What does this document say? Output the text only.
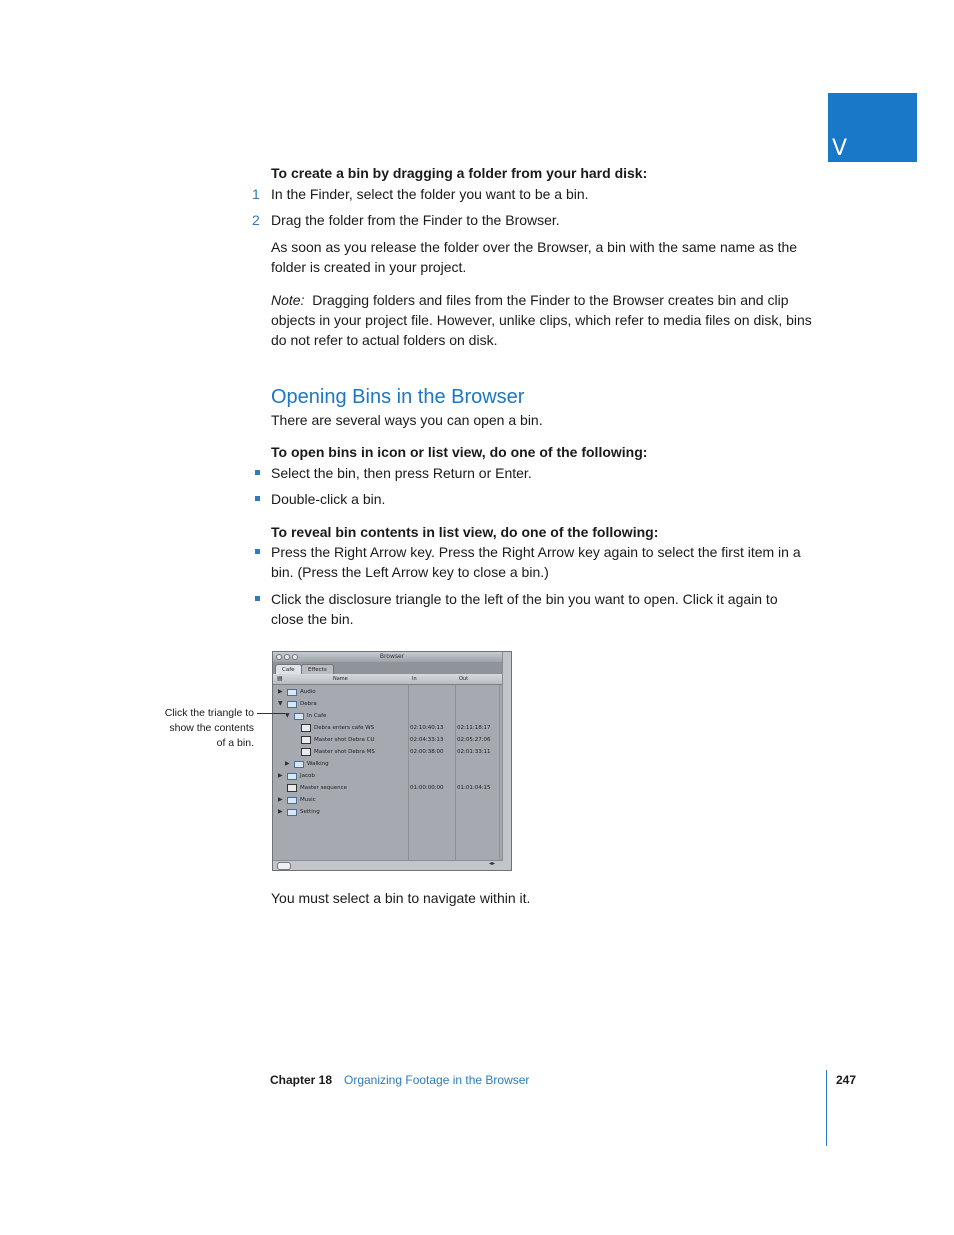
V
To create a bin by dragging a folder from your hard disk:
1 In the Finder, select the folder you want to be a bin.
2 Drag the folder from the Finder to the Browser.
As soon as you release the folder over the Browser, a bin with the same name as the
folder is created in your project.
Note: Dragging folders and files from the Finder to the Browser creates bin and clip
objects in your project file. However, unlike clips, which refer to media files on disk, bins
do not refer to actual folders on disk.
Opening Bins in the Browser
There are several ways you can open a bin.
To open bins in icon or list view, do one of the following:
Select the bin, then press Return or Enter.
Double-click a bin.
To reveal bin contents in list view, do one of the following:
Press the Right Arrow key. Press the Right Arrow key again to select the first item in a
bin. (Press the Left Arrow key to close a bin.)
Click the disclosure triangle to the left of the bin you want to open. Click it again to
close the bin.
Browser
Cafe	Effects
▤	Name	In	Out
▶	Audio
▼	Debra
▼	In Cafe
Debra enters cafe WS	02:10:40:13 02:11:18:17
Master shot Debra CU	02:04:33:13 02:05:27:06
Master shot Debra MS	02:00:38:00 02:01:33:11
▶	Walking
▶	Jacob
Master sequence	01:00:00:00 01:01:04:15
▶	Music
▶	Setting
◂▸
Click the triangle to
show the contents
of a bin.
You must select a bin to navigate within it.
Chapter 18 Organizing Footage in the Browser	247
